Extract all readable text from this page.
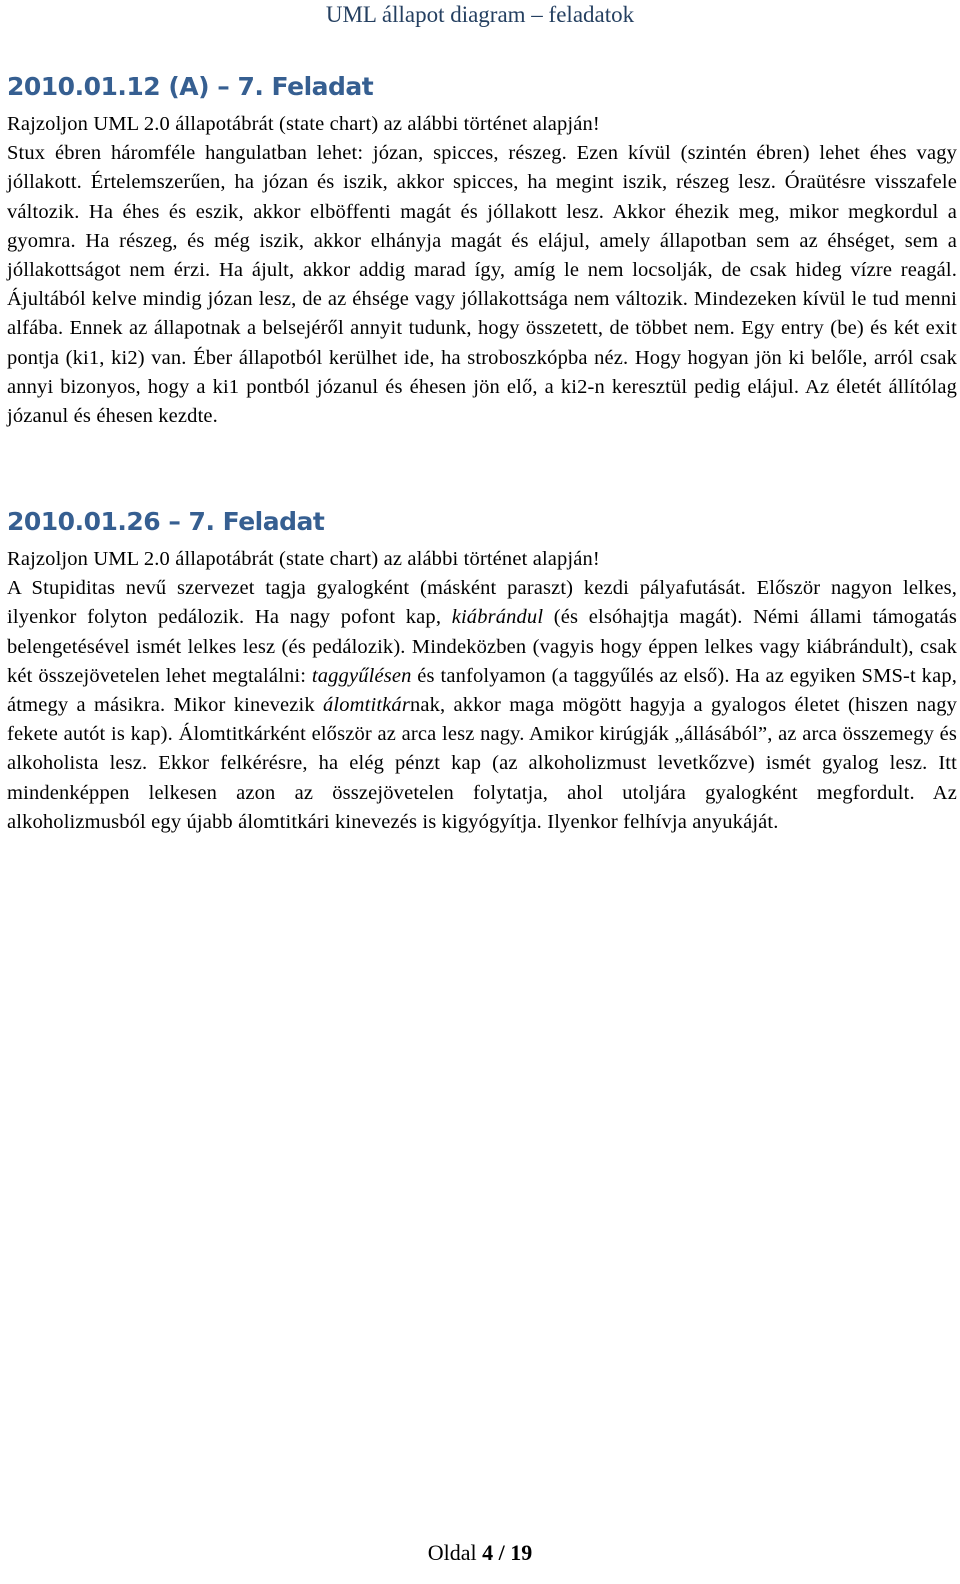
UML állapot diagram – feladatok
2010.01.12 (A) – 7. Feladat

Rajzoljon UML 2.0 állapotábrát (state chart) az alábbi történet alapján!
Stux ébren háromféle hangulatban lehet: józan, spicces, részeg. Ezen kívül (szintén ébren) lehet éhes vagy jóllakott. Értelemszerűen, ha józan és iszik, akkor spicces, ha megint iszik, részeg lesz. Óraütésre visszafele változik. Ha éhes és eszik, akkor elböffenti magát és jóllakott lesz. Akkor éhezik meg, mikor megkordul a gyomra. Ha részeg, és még iszik, akkor elhányja magát és elájul, amely állapotban sem az éhséget, sem a jóllakottságot nem érzi. Ha ájult, akkor addig marad így, amíg le nem locsolják, de csak hideg vízre reagál. Ájultából kelve mindig józan lesz, de az éhsége vagy jóllakottsága nem változik. Mindezeken kívül le tud menni alfába. Ennek az állapotnak a belsejéről annyit tudunk, hogy összetett, de többet nem. Egy entry (be) és két exit pontja (ki1, ki2) van. Éber állapotból kerülhet ide, ha stroboszkópba néz. Hogy hogyan jön ki belőle, arról csak annyi bizonyos, hogy a ki1 pontból józanul és éhesen jön elő, a ki2-n keresztül pedig elájul. Az életét állítólag józanul és éhesen kezdte.

2010.01.26 – 7. Feladat

Rajzoljon UML 2.0 állapotábrát (state chart) az alábbi történet alapján!
A Stupiditas nevű szervezet tagja gyalogként (másként paraszt) kezdi pályafutását. Először nagyon lelkes, ilyenkor folyton pedálozik. Ha nagy pofont kap, kiábrándul (és elsóhajtja magát). Némi állami támogatás belengetésével ismét lelkes lesz (és pedálozik). Mindeközben (vagyis hogy éppen lelkes vagy kiábrándult), csak két összejövetelen lehet megtalálni: taggyűlésen és tanfolyamon (a taggyűlés az első). Ha az egyiken SMS-t kap, átmegy a másikra. Mikor kinevezik álomtitkárnak, akkor maga mögött hagyja a gyalogos életet (hiszen nagy fekete autót is kap). Álomtitkárként először az arca lesz nagy. Amikor kirúgják „állásából”, az arca összemegy és alkoholista lesz. Ekkor felkérésre, ha elég pénzt kap (az alkoholizmust levetkőzve) ismét gyalog lesz. Itt mindenképpen lelkesen azon az összejövetelen folytatja, ahol utoljára gyalogként megfordult. Az alkoholizmusból egy újabb álomtitkári kinevezés is kigyógyítja. Ilyenkor felhívja anyukáját.

Oldal 4 / 19
